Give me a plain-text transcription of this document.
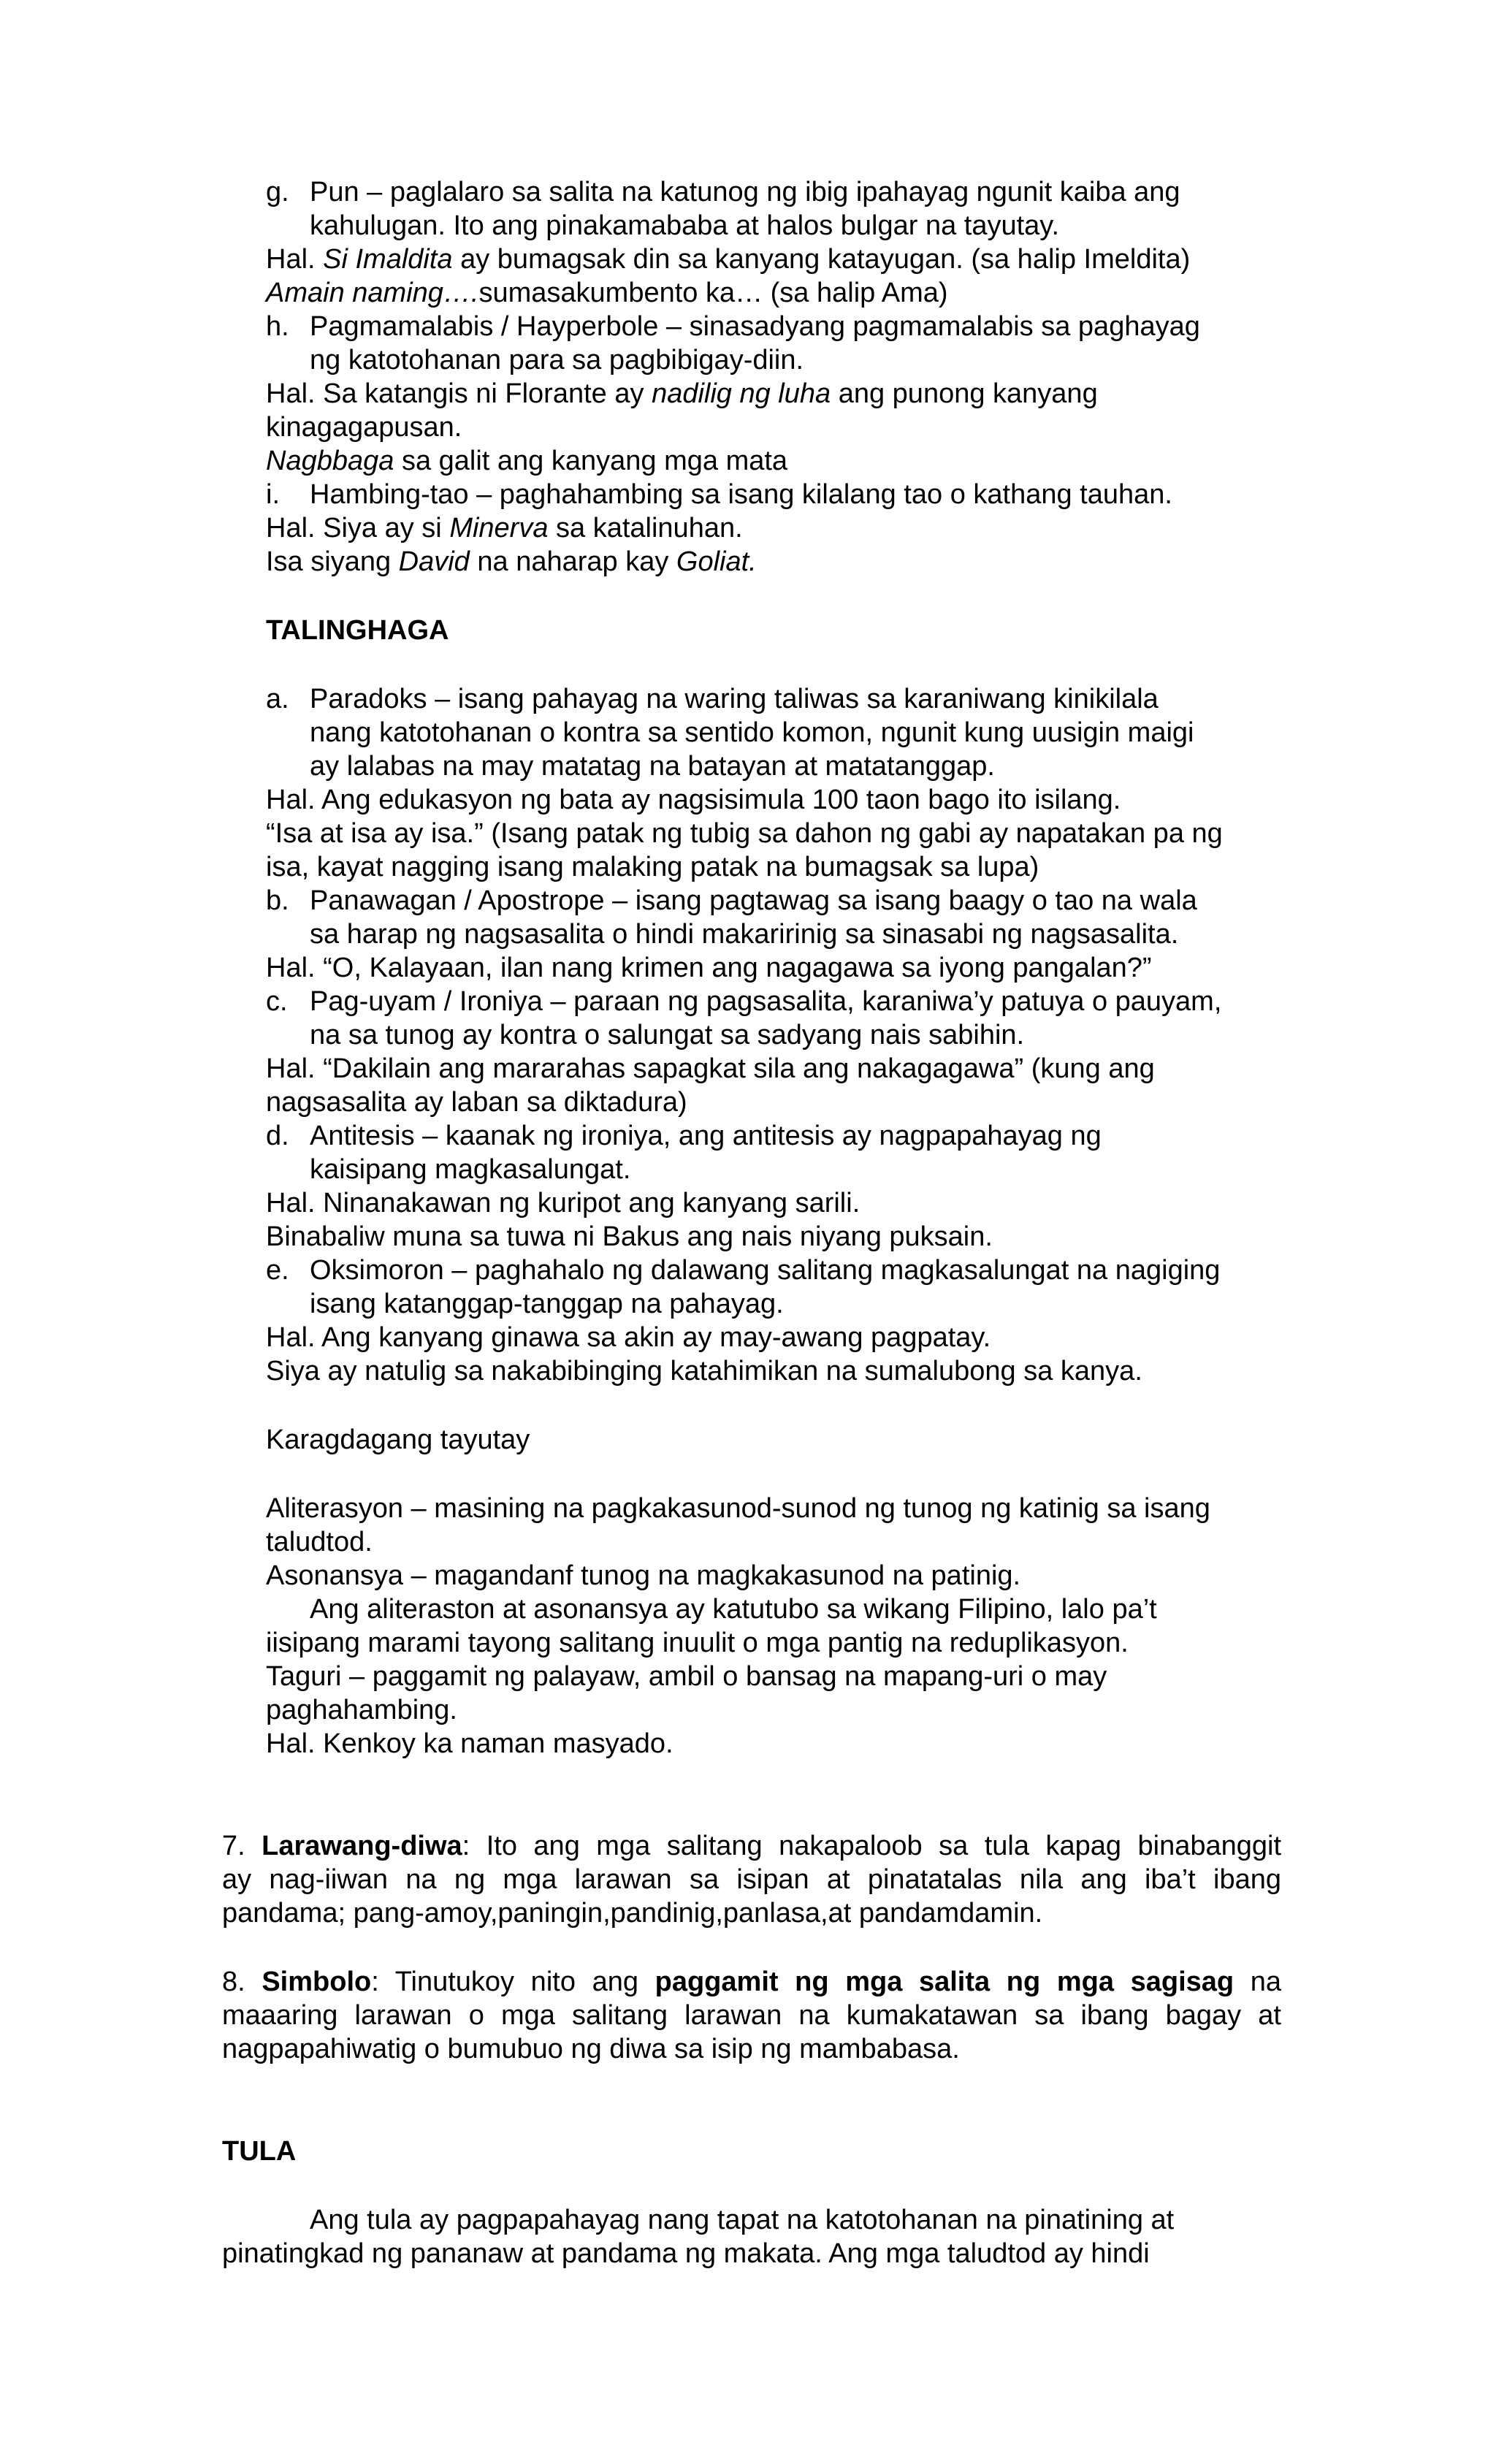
g. Pun – paglalaro sa salita na katunog ng ibig ipahayag ngunit kaiba ang
kahulugan. Ito ang pinakamababa at halos bulgar na tayutay.
Hal. Si Imaldita ay bumagsak din sa kanyang katayugan. (sa halip Imeldita)
Amain naming….sumasakumbento ka… (sa halip Ama)
h. Pagmamalabis / Hayperbole – sinasadyang pagmamalabis sa paghayag
ng katotohanan para sa pagbibigay-diin.
Hal. Sa katangis ni Florante ay nadilig ng luha ang punong kanyang
kinagagapusan.
Nagbbaga sa galit ang kanyang mga mata
i. Hambing-tao – paghahambing sa isang kilalang tao o kathang tauhan.
Hal. Siya ay si Minerva sa katalinuhan.
Isa siyang David na naharap kay Goliat.
TALINGHAGA
a. Paradoks – isang pahayag na waring taliwas sa karaniwang kinikilala
nang katotohanan o kontra sa sentido komon, ngunit kung uusigin maigi
ay lalabas na may matatag na batayan at matatanggap.
Hal. Ang edukasyon ng bata ay nagsisimula 100 taon bago ito isilang.
“Isa at isa ay isa.” (Isang patak ng tubig sa dahon ng gabi ay napatakan pa ng
isa, kayat nagging isang malaking patak na bumagsak sa lupa)
b. Panawagan / Apostrope – isang pagtawag sa isang baagy o tao na wala
sa harap ng nagsasalita o hindi makaririnig sa sinasabi ng nagsasalita.
Hal. “O, Kalayaan, ilan nang krimen ang nagagawa sa iyong pangalan?”
c. Pag-uyam / Ironiya – paraan ng pagsasalita, karaniwa’y patuya o pauyam,
na sa tunog ay kontra o salungat sa sadyang nais sabihin.
Hal. “Dakilain ang mararahas sapagkat sila ang nakagagawa” (kung ang
nagsasalita ay laban sa diktadura)
d. Antitesis – kaanak ng ironiya, ang antitesis ay nagpapahayag ng
kaisipang magkasalungat.
Hal. Ninanakawan ng kuripot ang kanyang sarili.
Binabaliw muna sa tuwa ni Bakus ang nais niyang puksain.
e. Oksimoron – paghahalo ng dalawang salitang magkasalungat na nagiging
isang katanggap-tanggap na pahayag.
Hal. Ang kanyang ginawa sa akin ay may-awang pagpatay.
Siya ay natulig sa nakabibinging katahimikan na sumalubong sa kanya.
Karagdagang tayutay
Aliterasyon – masining na pagkakasunod-sunod ng tunog ng katinig sa isang
taludtod.
Asonansya – magandanf tunog na magkakasunod na patinig.
Ang aliteraston at asonansya ay katutubo sa wikang Filipino, lalo pa’t
iisipang marami tayong salitang inuulit o mga pantig na reduplikasyon.
Taguri – paggamit ng palayaw, ambil o bansag na mapang-uri o may
paghahambing.
Hal. Kenkoy ka naman masyado.
7. Larawang-diwa: Ito ang mga salitang nakapaloob sa tula kapag binabanggit
ay nag-iiwan na ng mga larawan sa isipan at pinatatalas nila ang iba’t ibang
pandama; pang-amoy,paningin,pandinig,panlasa,at pandamdamin.
8. Simbolo: Tinutukoy nito ang paggamit ng mga salita ng mga sagisag na
maaaring larawan o mga salitang larawan na kumakatawan sa ibang bagay at
nagpapahiwatig o bumubuo ng diwa sa isip ng mambabasa.
TULA
Ang tula ay pagpapahayag nang tapat na katotohanan na pinatining at
pinatingkad ng pananaw at pandama ng makata. Ang mga taludtod ay hindi
